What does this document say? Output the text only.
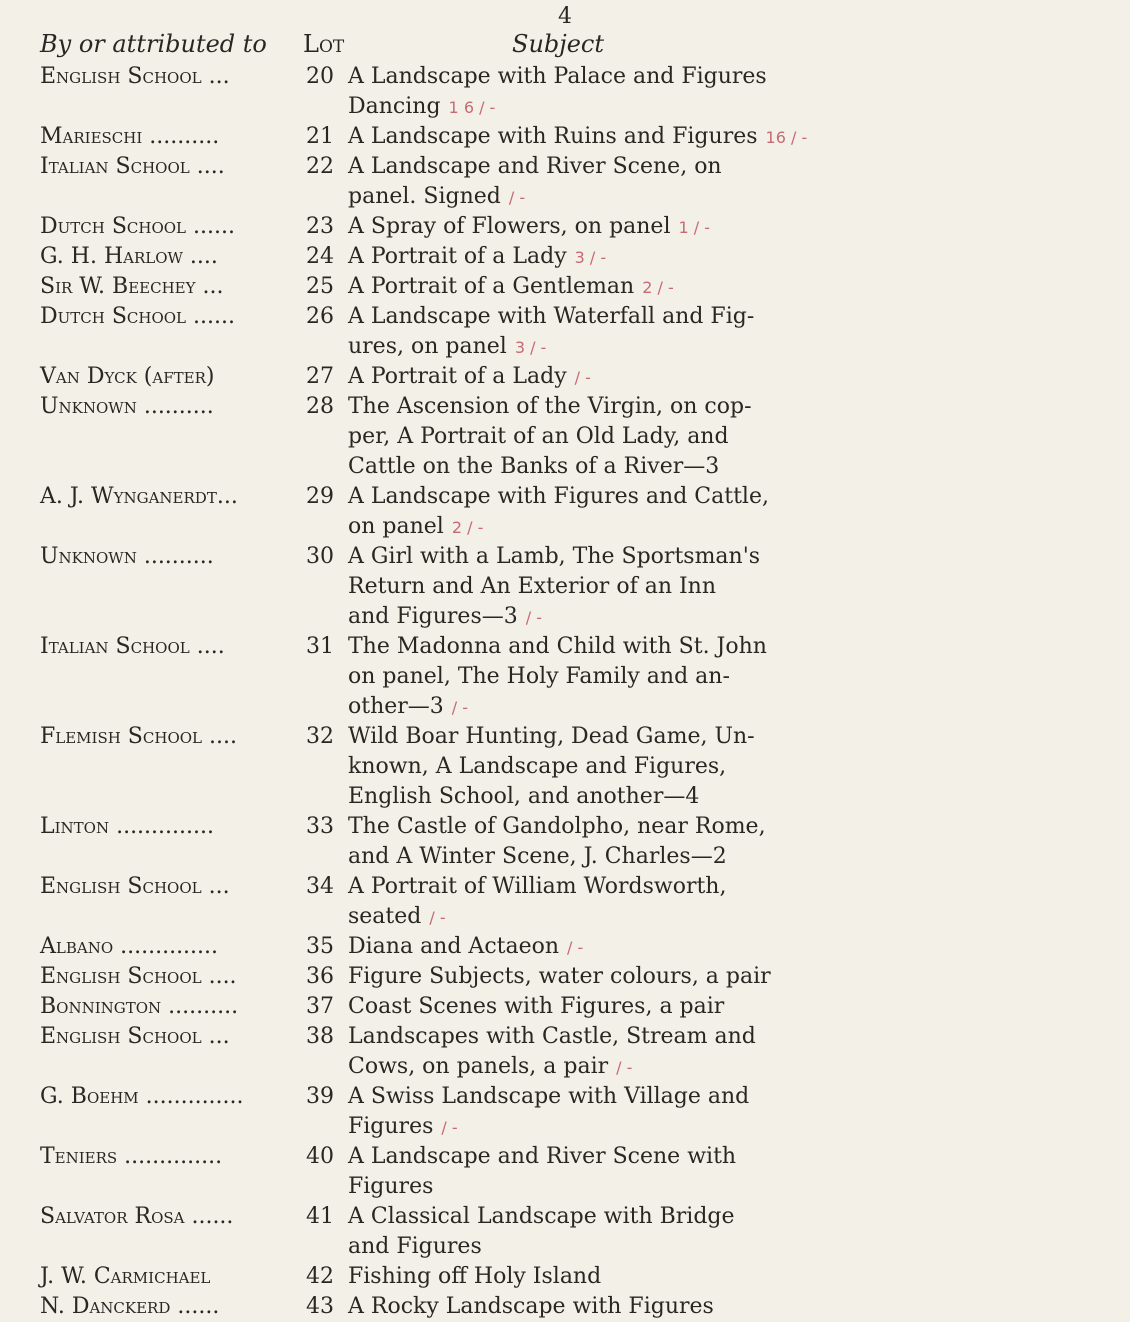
4
By or attributed to Lot	Subject
English School ...	20 A Landscape with Palace and Figures
Dancing 1 6 / -
Marieschi ..........	21 A Landscape with Ruins and Figures 16 / -
Italian School ....	22 A Landscape and River Scene, on
panel. Signed / -
Dutch School ......	23 A Spray of Flowers, on panel 1 / -
G. H. Harlow ....	24 A Portrait of a Lady 3 / -
Sir W. Beechey ...	25 A Portrait of a Gentleman 2 / -
Dutch School ......	26 A Landscape with Waterfall and Fig-
ures, on panel 3 / -
Van Dyck (after)	27 A Portrait of a Lady / -
Unknown ..........	28 The Ascension of the Virgin, on cop-
per, A Portrait of an Old Lady, and
Cattle on the Banks of a River—3
A. J. Wynganerdt...	29 A Landscape with Figures and Cattle,
on panel 2 / -
Unknown ..........	30 A Girl with a Lamb, The Sportsman's
Return and An Exterior of an Inn
and Figures—3 / -
Italian School ....	31 The Madonna and Child with St. John
on panel, The Holy Family and an-
other—3 / -
Flemish School ....	32 Wild Boar Hunting, Dead Game, Un-
known, A Landscape and Figures,
English School, and another—4
Linton ..............	33 The Castle of Gandolpho, near Rome,
and A Winter Scene, J. Charles—2
English School ...	34 A Portrait of William Wordsworth,
seated / -
Albano ..............	35 Diana and Actaeon / -
English School ....	36 Figure Subjects, water colours, a pair
Bonnington ..........	37 Coast Scenes with Figures, a pair
English School ...	38 Landscapes with Castle, Stream and
Cows, on panels, a pair / -
G. Boehm ..............	39 A Swiss Landscape with Village and
Figures / -
Teniers ..............	40 A Landscape and River Scene with
Figures
Salvator Rosa ......	41 A Classical Landscape with Bridge
and Figures
J. W. Carmichael	42 Fishing off Holy Island
N. Danckerd ......	43 A Rocky Landscape with Figures
